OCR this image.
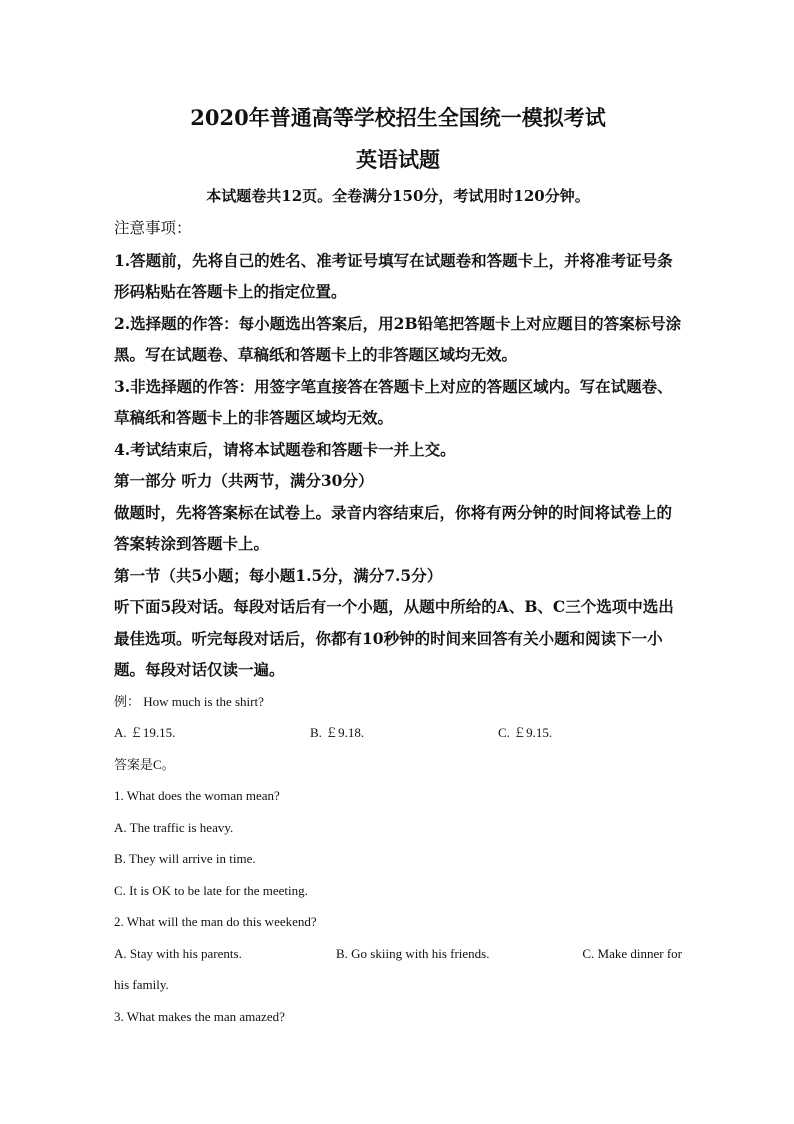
2020年普通高等学校招生全国统一模拟考试
英语试题
本试题卷共12页。全卷满分150分，考试用时120分钟。
注意事项：

1.答题前，先将自己的姓名、准考证号填写在试题卷和答题卡上，并将准考证号条形码粘贴在答题卡上的指定位置。

2.选择题的作答：每小题选出答案后，用2B铅笔把答题卡上对应题目的答案标号涂黑。写在试题卷、草稿纸和答题卡上的非答题区域均无效。

3.非选择题的作答：用签字笔直接答在答题卡上对应的答题区域内。写在试题卷、草稿纸和答题卡上的非答题区域均无效。

4.考试结束后，请将本试题卷和答题卡一并上交。

第一部分 听力（共两节，满分30分）

做题时，先将答案标在试卷上。录音内容结束后，你将有两分钟的时间将试卷上的答案转涂到答题卡上。

第一节（共5小题；每小题1.5分，满分7.5分）

听下面5段对话。每段对话后有一个小题，从题中所给的A、B、C三个选项中选出最佳选项。听完每段对话后，你都有10秒钟的时间来回答有关小题和阅读下一小题。每段对话仅读一遍。

例： How much is the shirt?

A. ￡19.15.	B. ￡9.18.	C. ￡9.15.

答案是C。

1. What does the woman mean?

A. The traffic is heavy.

B. They will arrive in time.

C. It is OK to be late for the meeting.

2. What will the man do this weekend?

A. Stay with his parents.	B. Go skiing with his friends.	C. Make dinner for

his family.

3. What makes the man amazed?
